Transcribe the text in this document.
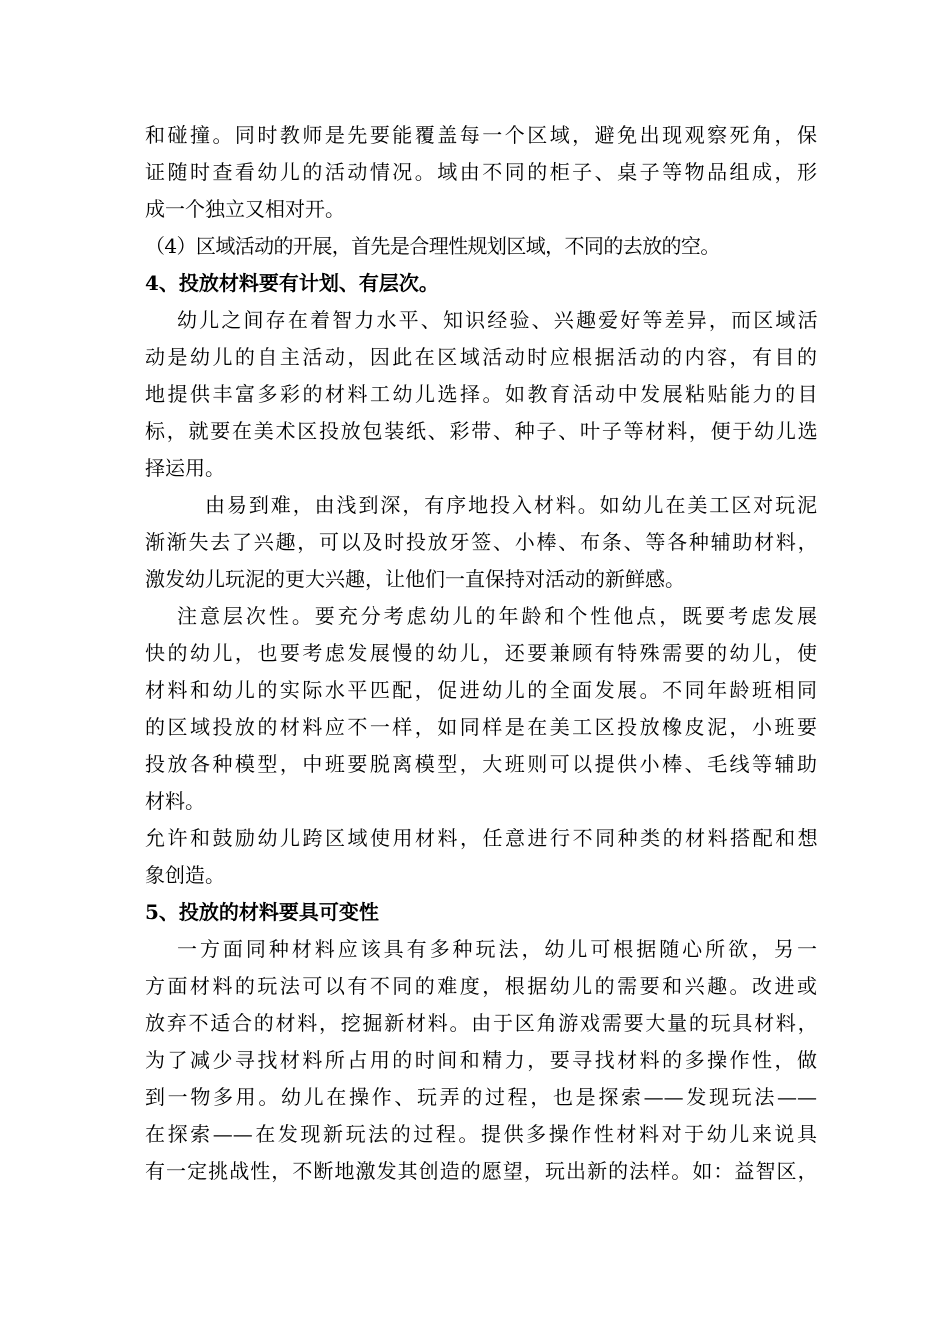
和碰撞。同时教师是先要能覆盖每一个区域，避免出现观察死角，保
证随时查看幼儿的活动情况。域由不同的柜子、桌子等物品组成，形
成一个独立又相对开。
（4）区域活动的开展，首先是合理性规划区域，不同的去放的空。
4、投放材料要有计划、有层次。
幼儿之间存在着智力水平、知识经验、兴趣爱好等差异，而区域活
动是幼儿的自主活动，因此在区域活动时应根据活动的内容，有目的
地提供丰富多彩的材料工幼儿选择。如教育活动中发展粘贴能力的目
标，就要在美术区投放包装纸、彩带、种子、叶子等材料，便于幼儿选
择运用。
由易到难，由浅到深，有序地投入材料。如幼儿在美工区对玩泥
渐渐失去了兴趣，可以及时投放牙签、小棒、布条、等各种辅助材料，
激发幼儿玩泥的更大兴趣，让他们一直保持对活动的新鲜感。
注意层次性。要充分考虑幼儿的年龄和个性他点，既要考虑发展
快的幼儿，也要考虑发展慢的幼儿，还要兼顾有特殊需要的幼儿，使
材料和幼儿的实际水平匹配，促进幼儿的全面发展。不同年龄班相同
的区域投放的材料应不一样，如同样是在美工区投放橡皮泥，小班要
投放各种模型，中班要脱离模型，大班则可以提供小棒、毛线等辅助
材料。
允许和鼓励幼儿跨区域使用材料，任意进行不同种类的材料搭配和想
象创造。
5、投放的材料要具可变性
一方面同种材料应该具有多种玩法，幼儿可根据随心所欲，另一
方面材料的玩法可以有不同的难度，根据幼儿的需要和兴趣。改进或
放弃不适合的材料，挖掘新材料。由于区角游戏需要大量的玩具材料，
为了减少寻找材料所占用的时间和精力，要寻找材料的多操作性，做
到一物多用。幼儿在操作、玩弄的过程，也是探索——发现玩法——
在探索——在发现新玩法的过程。提供多操作性材料对于幼儿来说具
有一定挑战性，不断地激发其创造的愿望，玩出新的法样。如：益智区，
